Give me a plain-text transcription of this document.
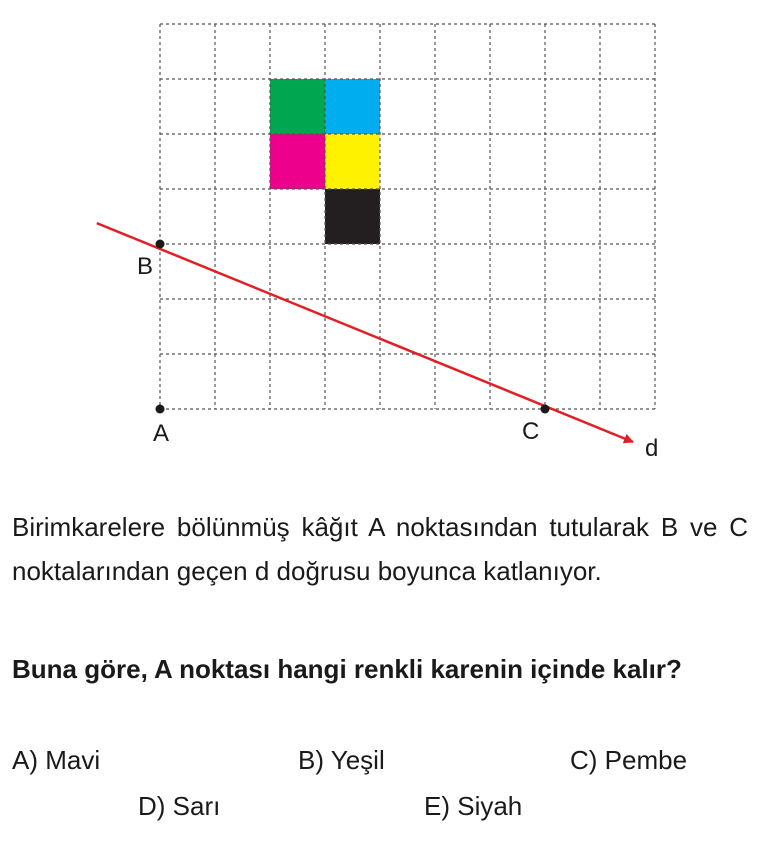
d
A
B
C

Birimkarelere bölünmüş kâğıt A noktasından tutularak B ve C noktalarından geçen d doğrusu boyunca katlanıyor.

Buna göre, A noktası hangi renkli karenin içinde kalır?

A) Mavi	B) Yeşil	C) Pembe
D) Sarı	E) Siyah
